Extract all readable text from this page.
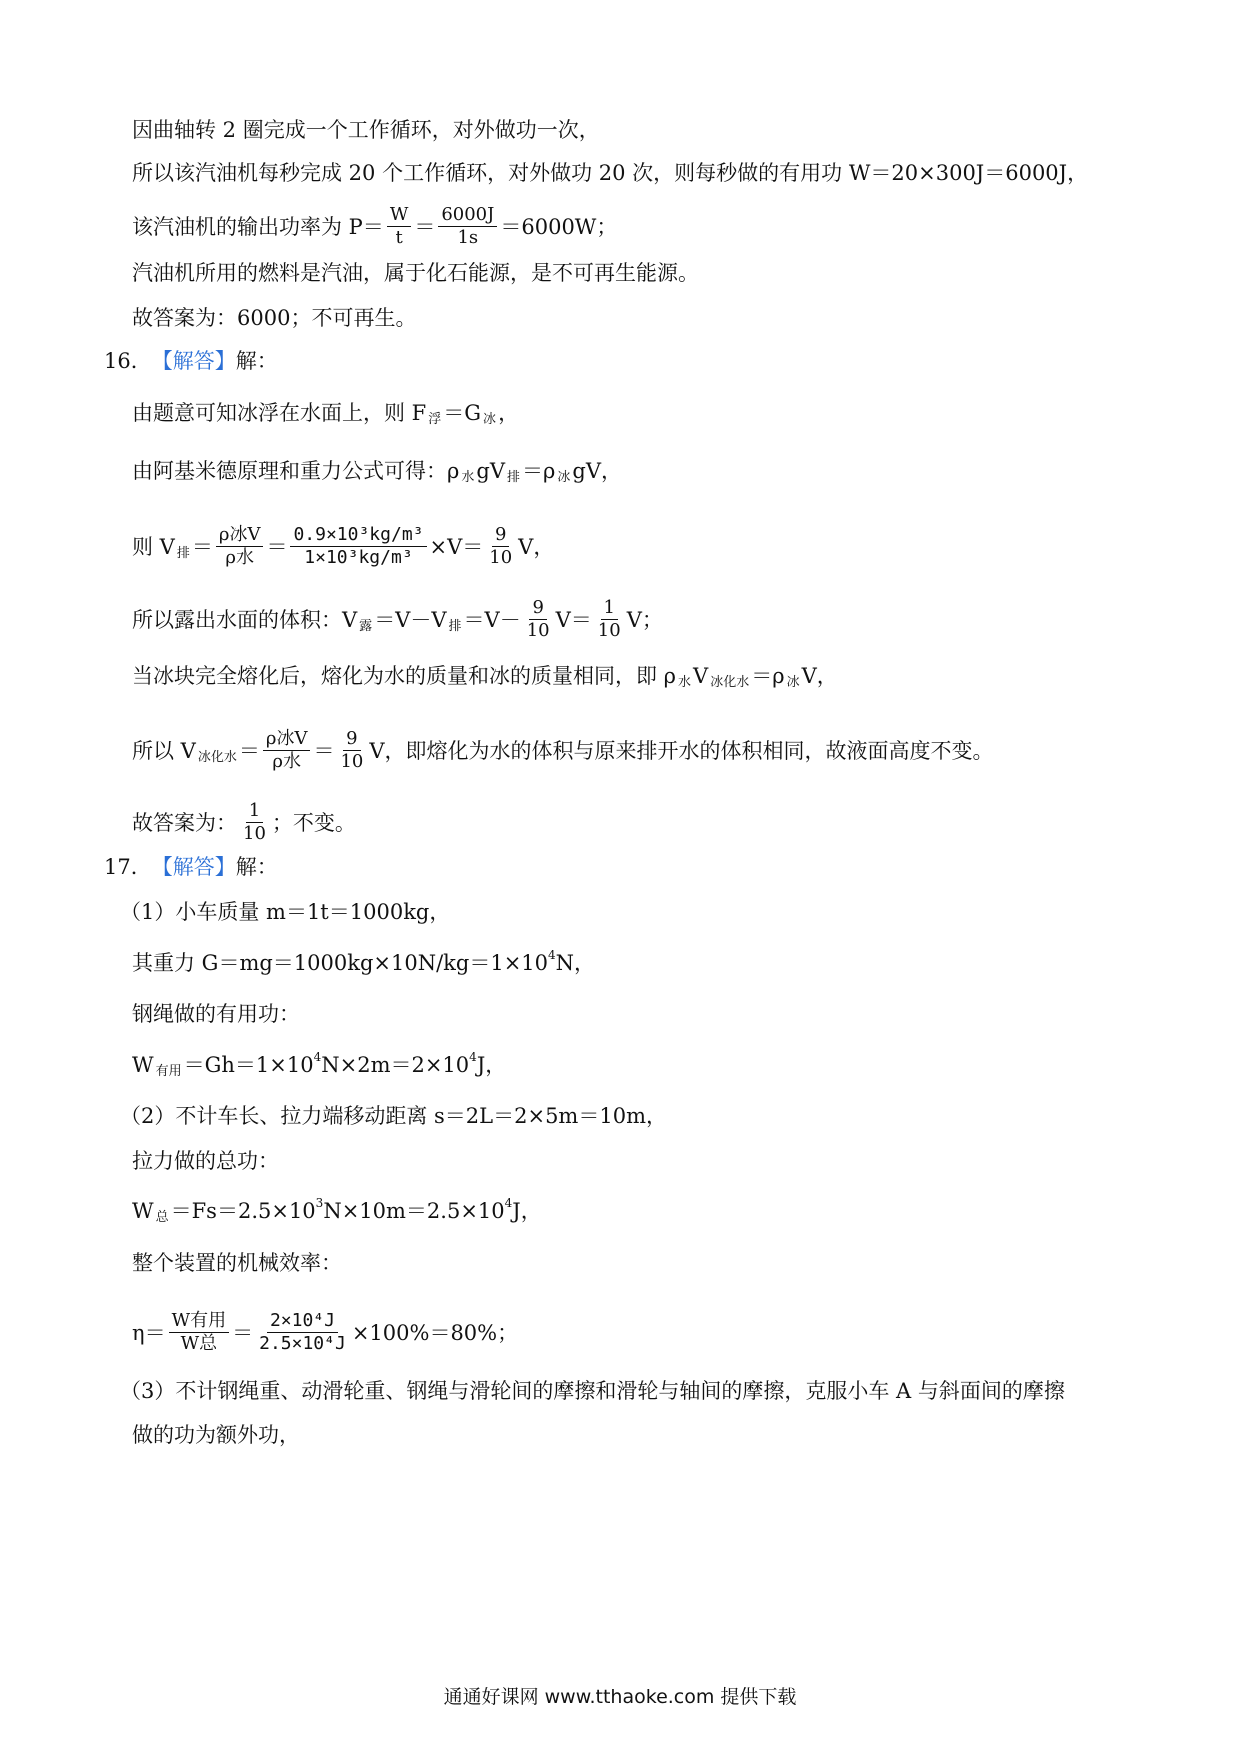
因曲轴转 2 圈完成一个工作循环，对外做功一次，
所以该汽油机每秒完成 20 个工作循环，对外做功 20 次，则每秒做的有用功 W＝20×300J＝6000J，
该汽油机的输出功率为 $P= \frac{W}{t} = \frac{6000J}{1s} =6000W$；
汽油机所用的燃料是汽油，属于化石能源，是不可再生能源。
故答案为：6000；不可再生。
16． 【解答】 解：
由题意可知冰浮在水面上，则 F 浮 ＝G 冰 ，
由阿基米德原理和重力公式可得：ρ 水 gV 排 ＝ρ 冰 gV，
则 V 排 ＝ $\frac{\text{ρ冰V}}{\text{ρ水}} = \frac{\text{0.9×10³kg/m³}}{\text{1×10³kg/m³}} \times V= \frac{9}{10}$ V，
所以露出水面的体积：V 露 ＝V－V 排 $=V- \frac{9}{10} V= \frac{1}{10}$ V；
当冰块完全熔化后，熔化为水的质量和冰的质量相同，即 ρ 水 V 冰化水 ＝ρ 冰 V，
所以 V 冰化水 ＝ $\frac{\text{ρ冰V}}{\text{ρ水}} = \frac{9}{10}$ V，即熔化为水的体积与原来排开水的体积相同，故液面高度不变。
故答案为： $\frac{1}{10}$ ；不变。
17． 【解答】 解：
（1）小车质量 m＝1t＝1000kg，
其重力 G＝mg＝1000kg×10N/kg＝1×10 4 N，
钢绳做的有用功：
W 有用 ＝Gh＝1×10 4 N×2m＝2×10 4 J，
（2）不计车长、拉力端移动距离 s＝2L＝2×5m＝10m，
拉力做的总功：
W 总 ＝Fs＝2.5×10 3 N×10m＝2.5×10 4 J，
整个装置的机械效率：
$\eta= \frac{\text{W有用}}{\text{W总}} = \frac{\text{2×10⁴J}}{\text{2.5×10⁴J}} \times 100\%=80\%$；
（3）不计钢绳重、动滑轮重、钢绳与滑轮间的摩擦和滑轮与轴间的摩擦，克服小车 A 与斜面间的摩擦
做的功为额外功，
通通好课网 www.tthaoke.com 提供下载
